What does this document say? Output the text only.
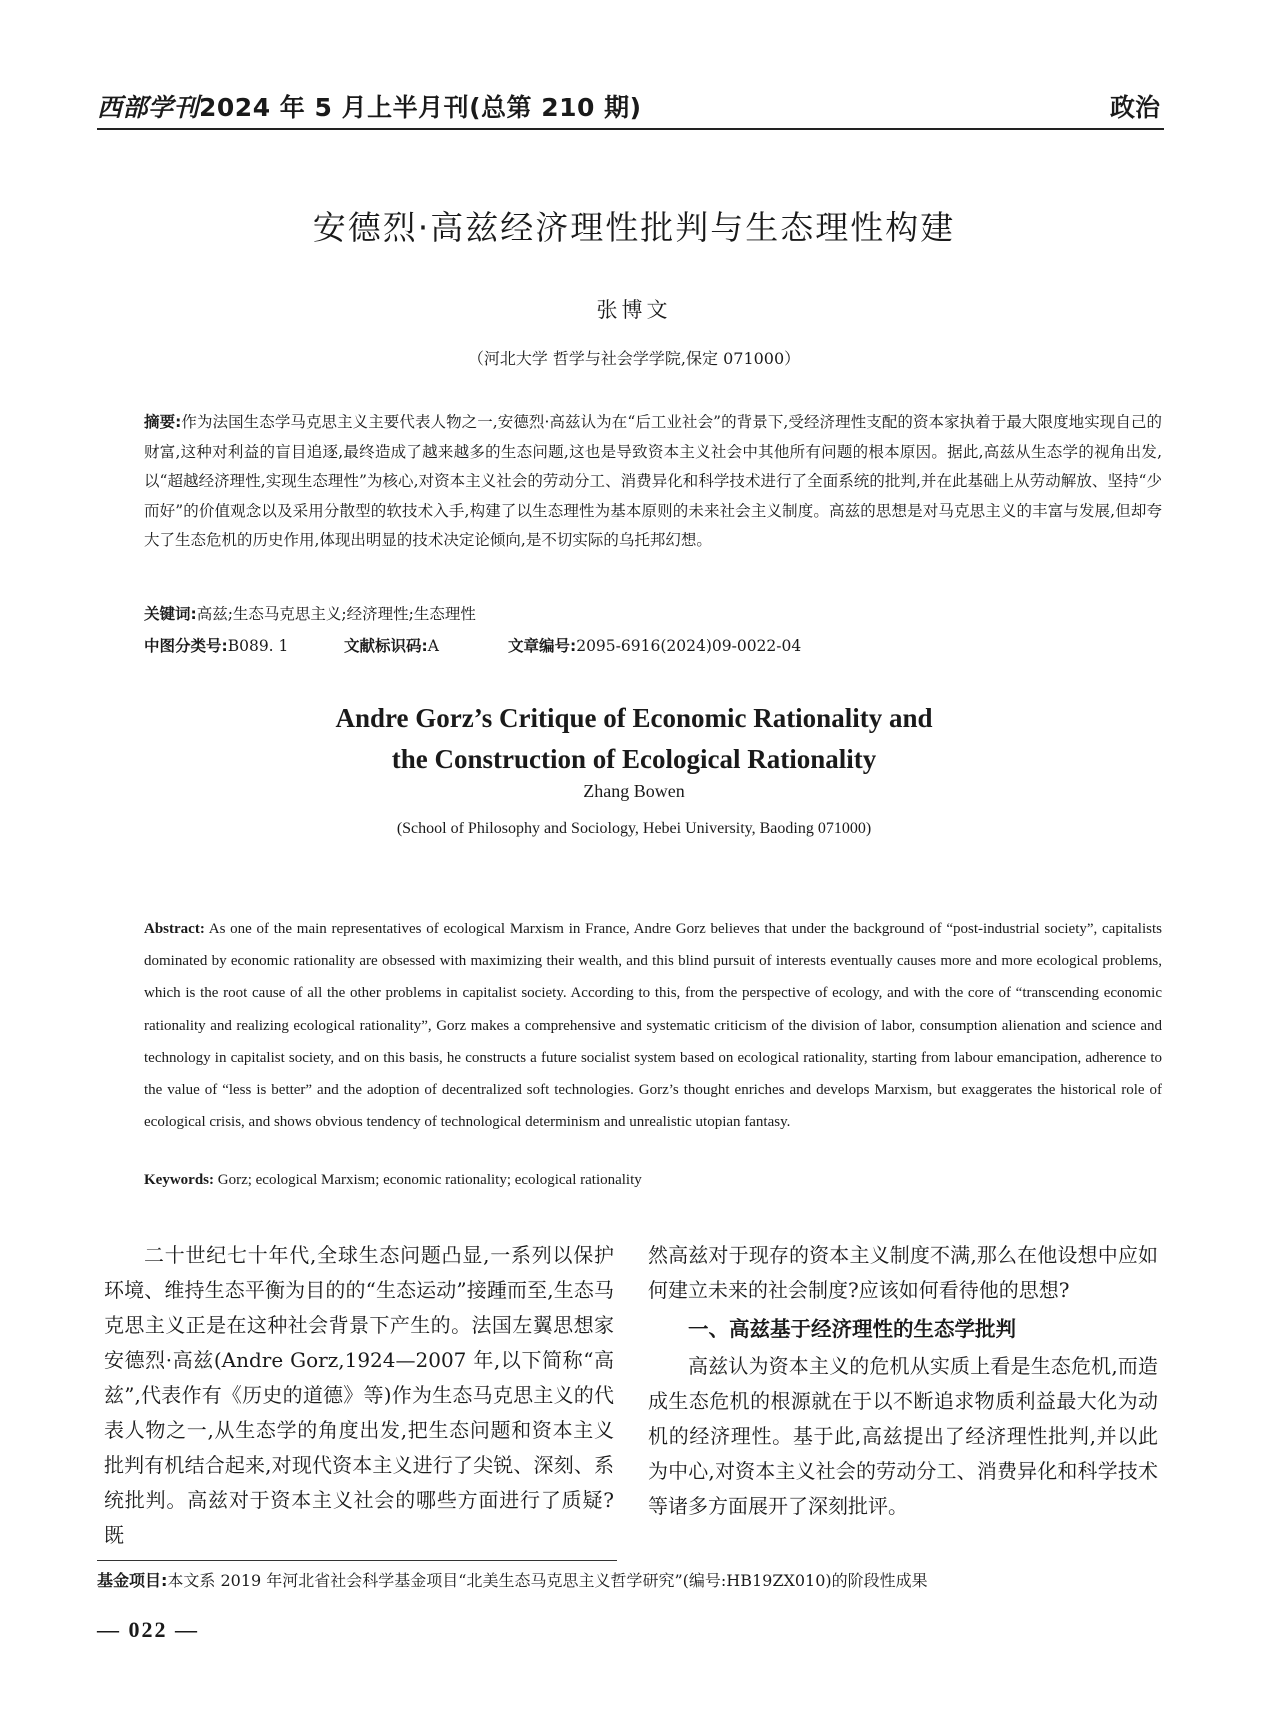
西部学刊2024 年 5 月上半月刊(总第 210 期)	政治
安德烈·高兹经济理性批判与生态理性构建
张博文
（河北大学 哲学与社会学学院,保定 071000）
摘要:作为法国生态学马克思主义主要代表人物之一,安德烈·高兹认为在“后工业社会”的背景下,受经济理性支配的资本家执着于最大限度地实现自己的财富,这种对利益的盲目追逐,最终造成了越来越多的生态问题,这也是导致资本主义社会中其他所有问题的根本原因。据此,高兹从生态学的视角出发,以“超越经济理性,实现生态理性”为核心,对资本主义社会的劳动分工、消费异化和科学技术进行了全面系统的批判,并在此基础上从劳动解放、坚持“少而好”的价值观念以及采用分散型的软技术入手,构建了以生态理性为基本原则的未来社会主义制度。高兹的思想是对马克思主义的丰富与发展,但却夸大了生态危机的历史作用,体现出明显的技术决定论倾向,是不切实际的乌托邦幻想。
关键词:高兹;生态马克思主义;经济理性;生态理性
中图分类号:B089. 1	文献标识码:A	文章编号:2095-6916(2024)09-0022-04
Andre Gorz’s Critique of Economic Rationality and
the Construction of Ecological Rationality
Zhang Bowen
(School of Philosophy and Sociology, Hebei University, Baoding 071000)
Abstract: As one of the main representatives of ecological Marxism in France, Andre Gorz believes that under the background of “post-industrial society”, capitalists dominated by economic rationality are obsessed with maximizing their wealth, and this blind pursuit of interests eventually causes more and more ecological problems, which is the root cause of all the other problems in capitalist society. According to this, from the perspective of ecology, and with the core of “transcending economic rationality and realizing ecological rationality”, Gorz makes a comprehensive and systematic criticism of the division of labor, consumption alienation and science and technology in capitalist society, and on this basis, he constructs a future socialist system based on ecological rationality, starting from labour emancipation, adherence to the value of “less is better” and the adoption of decentralized soft technologies. Gorz’s thought enriches and develops Marxism, but exaggerates the historical role of ecological crisis, and shows obvious tendency of technological determinism and unrealistic utopian fantasy.
Keywords: Gorz; ecological Marxism; economic rationality; ecological rationality

二十世纪七十年代,全球生态问题凸显,一系列以保护环境、维持生态平衡为目的的“生态运动”接踵而至,生态马克思主义正是在这种社会背景下产生的。法国左翼思想家安德烈·高兹(Andre Gorz,1924—2007 年,以下简称“高兹”,代表作有《历史的道德》等)作为生态马克思主义的代表人物之一,从生态学的角度出发,把生态问题和资本主义批判有机结合起来,对现代资本主义进行了尖锐、深刻、系统批判。高兹对于资本主义社会的哪些方面进行了质疑?既

然高兹对于现存的资本主义制度不满,那么在他设想中应如何建立未来的社会制度?应该如何看待他的思想?

一、高兹基于经济理性的生态学批判

高兹认为资本主义的危机从实质上看是生态危机,而造成生态危机的根源就在于以不断追求物质利益最大化为动机的经济理性。基于此,高兹提出了经济理性批判,并以此为中心,对资本主义社会的劳动分工、消费异化和科学技术等诸多方面展开了深刻批评。

基金项目:本文系 2019 年河北省社会科学基金项目“北美生态马克思主义哲学研究”(编号:HB19ZX010)的阶段性成果
— 022 —
